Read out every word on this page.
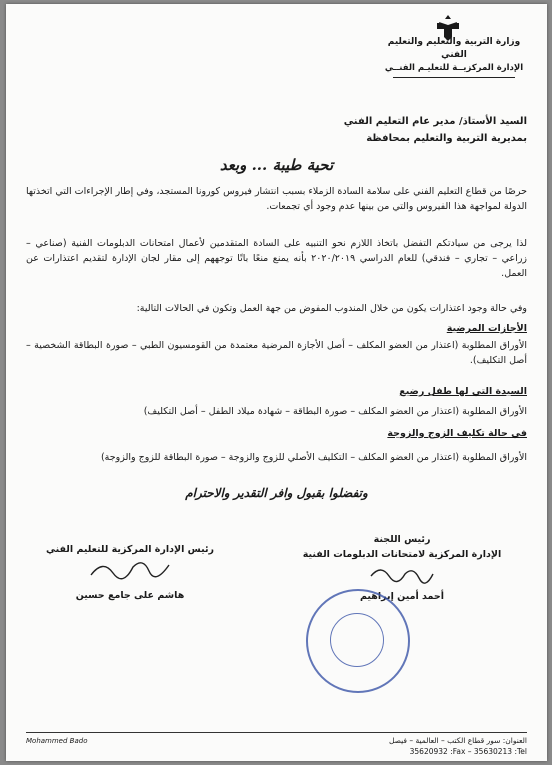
وزارة التربية والتعليم والتعليم الفني
الإدارة المركزيــة للتعليـم الفنــي
السيد الأستاذ/ مدير عام التعليم الفني
بمديرية التربية والتعليم بمحافظة
تحية طيبة ... وبعد
حرصًا من قطاع التعليم الفني على سلامة السادة الزملاء بسبب انتشار فيروس كورونا المستجد، وفي إطار الإجراءات التي اتخذتها الدولة لمواجهة هذا الفيروس والتي من بينها عدم وجود أي تجمعات.
لذا يرجى من سيادتكم التفضل باتخاذ اللازم نحو التنبيه على السادة المتقدمين لأعمال امتحانات الدبلومات الفنية (صناعي – زراعي – تجاري – فندقي) للعام الدراسي ٢٠٢٠/٢٠١٩ بأنه يمنع منعًا باتًا توجههم إلى مقار لجان الإدارة لتقديم اعتذارات عن العمل.
وفي حالة وجود اعتذارات يكون من خلال المندوب المفوض من جهة العمل وتكون في الحالات التالية:
الأجازات المرضية
الأوراق المطلوبة (اعتذار من العضو المكلف – أصل الأجازة المرضية معتمدة من القومسيون الطبي – صورة البطاقة الشخصية – أصل التكليف).
السيدة التي لها طفل رضيع
الأوراق المطلوبة (اعتذار من العضو المكلف – صورة البطاقة – شهادة ميلاد الطفل – أصل التكليف)
في حالة تكليف الزوج والزوجة
الأوراق المطلوبة (اعتذار من العضو المكلف – التكليف الأصلي للزوج والزوجة – صورة البطاقة للزوج والزوجة)
وتفضلوا بقبول وافر التقدير والاحترام
رئيس اللجنة
الإدارة المركزية لامتحانات الدبلومات الفنية
أحمد أمين إبراهيم
رئيس الإدارة المركزية للتعليم الفني
هاشم على جامع حسين
العنوان: سور قطاع الكتب – العالمية – فيصل
35620932 :Fax – 35630213 :Tel
Mohammed Bado
